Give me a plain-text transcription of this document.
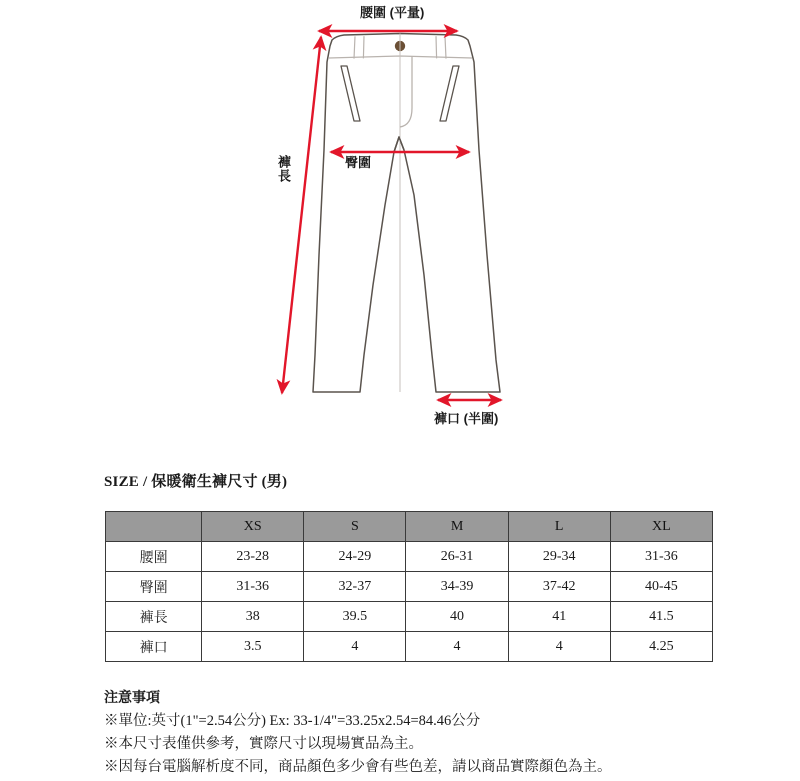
腰圍 (平量)
臀圍
褲長
褲口 (半圍)
SIZE / 保暖衛生褲尺寸 (男)
	XS	S	M	L	XL
腰圍	23-28	24-29	26-31	29-34	31-36
臀圍	31-36	32-37	34-39	37-42	40-45
褲長	38	39.5	40	41	41.5
褲口	3.5	4	4	4	4.25
注意事項
※單位:英寸(1"=2.54公分) Ex: 33-1/4"=33.25x2.54=84.46公分
※本尺寸表僅供參考，實際尺寸以現場實品為主。
※因每台電腦解析度不同，商品顏色多少會有些色差，請以商品實際顏色為主。
